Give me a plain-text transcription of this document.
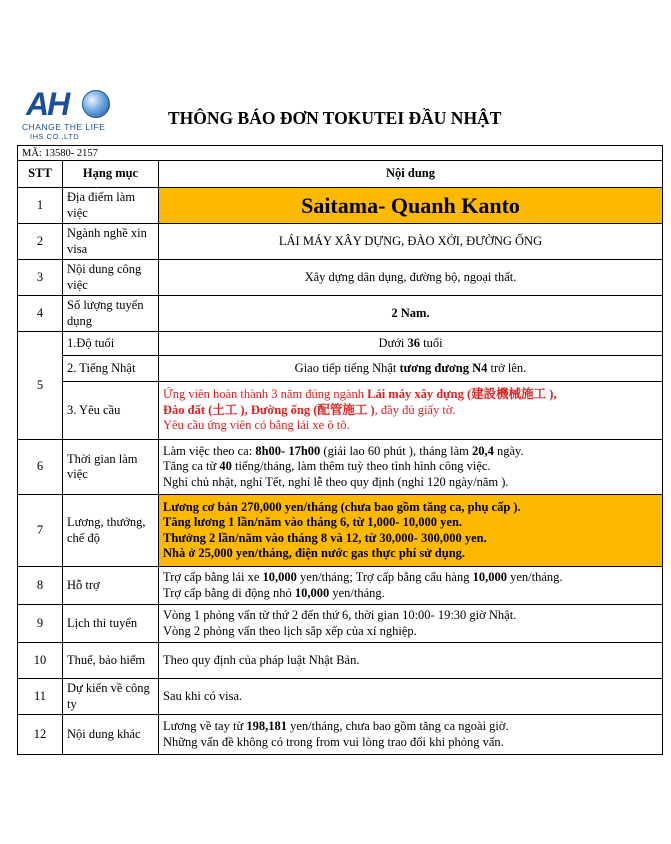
AH
CHANGE THE LIFE
IHS CO.,LTD
THÔNG BÁO ĐƠN TOKUTEI ĐẦU NHẬT
MÃ: 13580- 2157		
STT	Hạng mục	Nội dung
1	Địa điểm làm việc	Saitama- Quanh Kanto
2	Ngành nghề xin visa	LÁI MÁY XÂY DỰNG, ĐÀO XỚI, ĐƯỜNG ỐNG
3	Nội dung công việc	Xây dựng dân dụng, đường bộ, ngoại thất.
4	Số lượng tuyển dụng	2 Nam.
5	1.Độ tuổi	Dưới 36 tuổi
	2. Tiếng Nhật	Giao tiếp tiếng Nhật tương đương N4 trở lên.
	3. Yêu cầu	Ứng viên hoàn thành 3 năm đúng ngành Lái máy xây dựng (建設機械施工 ),
Đào đất (土工 ), Đường ống (配管施工 ), đầy đủ giấy tờ.
Yêu cầu ứng viên có bằng lái xe ô tô.

6	Thời gian làm việc	Làm việc theo ca: 8h00- 17h00 (giải lao 60 phút ), tháng làm 20,4 ngày.
Tăng ca từ 40 tiếng/tháng, làm thêm tuỳ theo tình hình công việc.
Nghỉ chủ nhật, nghỉ Tết, nghỉ lễ theo quy định (nghỉ 120 ngày/năm ).

7	Lương, thưởng, chế độ	Lương cơ bản 270,000 yen/tháng (chưa bao gồm tăng ca, phụ cấp ).
Tăng lương 1 lần/năm vào tháng 6, từ 1,000- 10,000 yen.
Thưởng 2 lần/năm vào tháng 8 và 12, từ 30,000- 300,000 yen.
Nhà ở 25,000 yen/tháng, điện nước gas thực phí sử dụng.

8	Hỗ trợ	Trợ cấp bằng lái xe 10,000 yen/tháng; Trợ cấp bằng cẩu hàng 10,000 yen/tháng.
Trợ cấp bằng di động nhỏ 10,000 yen/tháng.

9	Lịch thi tuyển	Vòng 1 phỏng vấn từ thứ 2 đến thứ 6, thời gian 10:00- 19:30 giờ Nhật.
Vòng 2 phỏng vấn theo lịch sắp xếp của xí nghiệp.

10	Thuế, bảo hiểm	Theo quy định của pháp luật Nhật Bản.
11	Dự kiến về công ty	Sau khi có visa.
12	Nội dung khác	Lương về tay từ 198,181 yen/tháng, chưa bao gồm tăng ca ngoài giờ.
Những vấn đề không có trong from vui lòng trao đổi khi phỏng vấn.
